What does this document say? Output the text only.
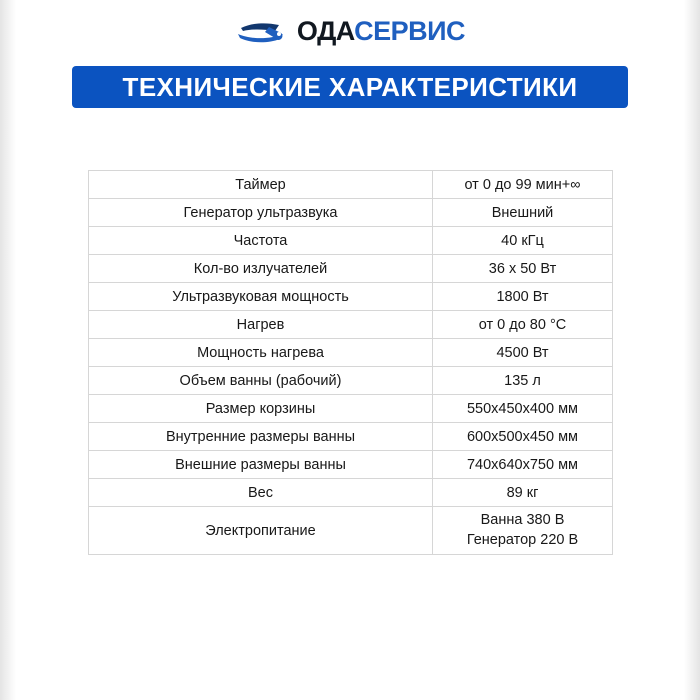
ОДАСЕРВИС
ТЕХНИЧЕСКИЕ ХАРАКТЕРИСТИКИ
Таймер	от 0 до 99 мин+∞
Генератор ультразвука	Внешний
Частота	40 кГц
Кол-во излучателей	36 х 50 Вт
Ультразвуковая мощность	1800 Вт
Нагрев	от 0 до 80 °С
Мощность нагрева	4500 Вт
Объем ванны (рабочий)	135 л
Размер корзины	550х450х400 мм
Внутренние размеры ванны	600х500х450 мм
Внешние размеры ванны	740х640х750 мм
Вес	89 кг
Электропитание	Ванна 380 В
Генератор 220 В
